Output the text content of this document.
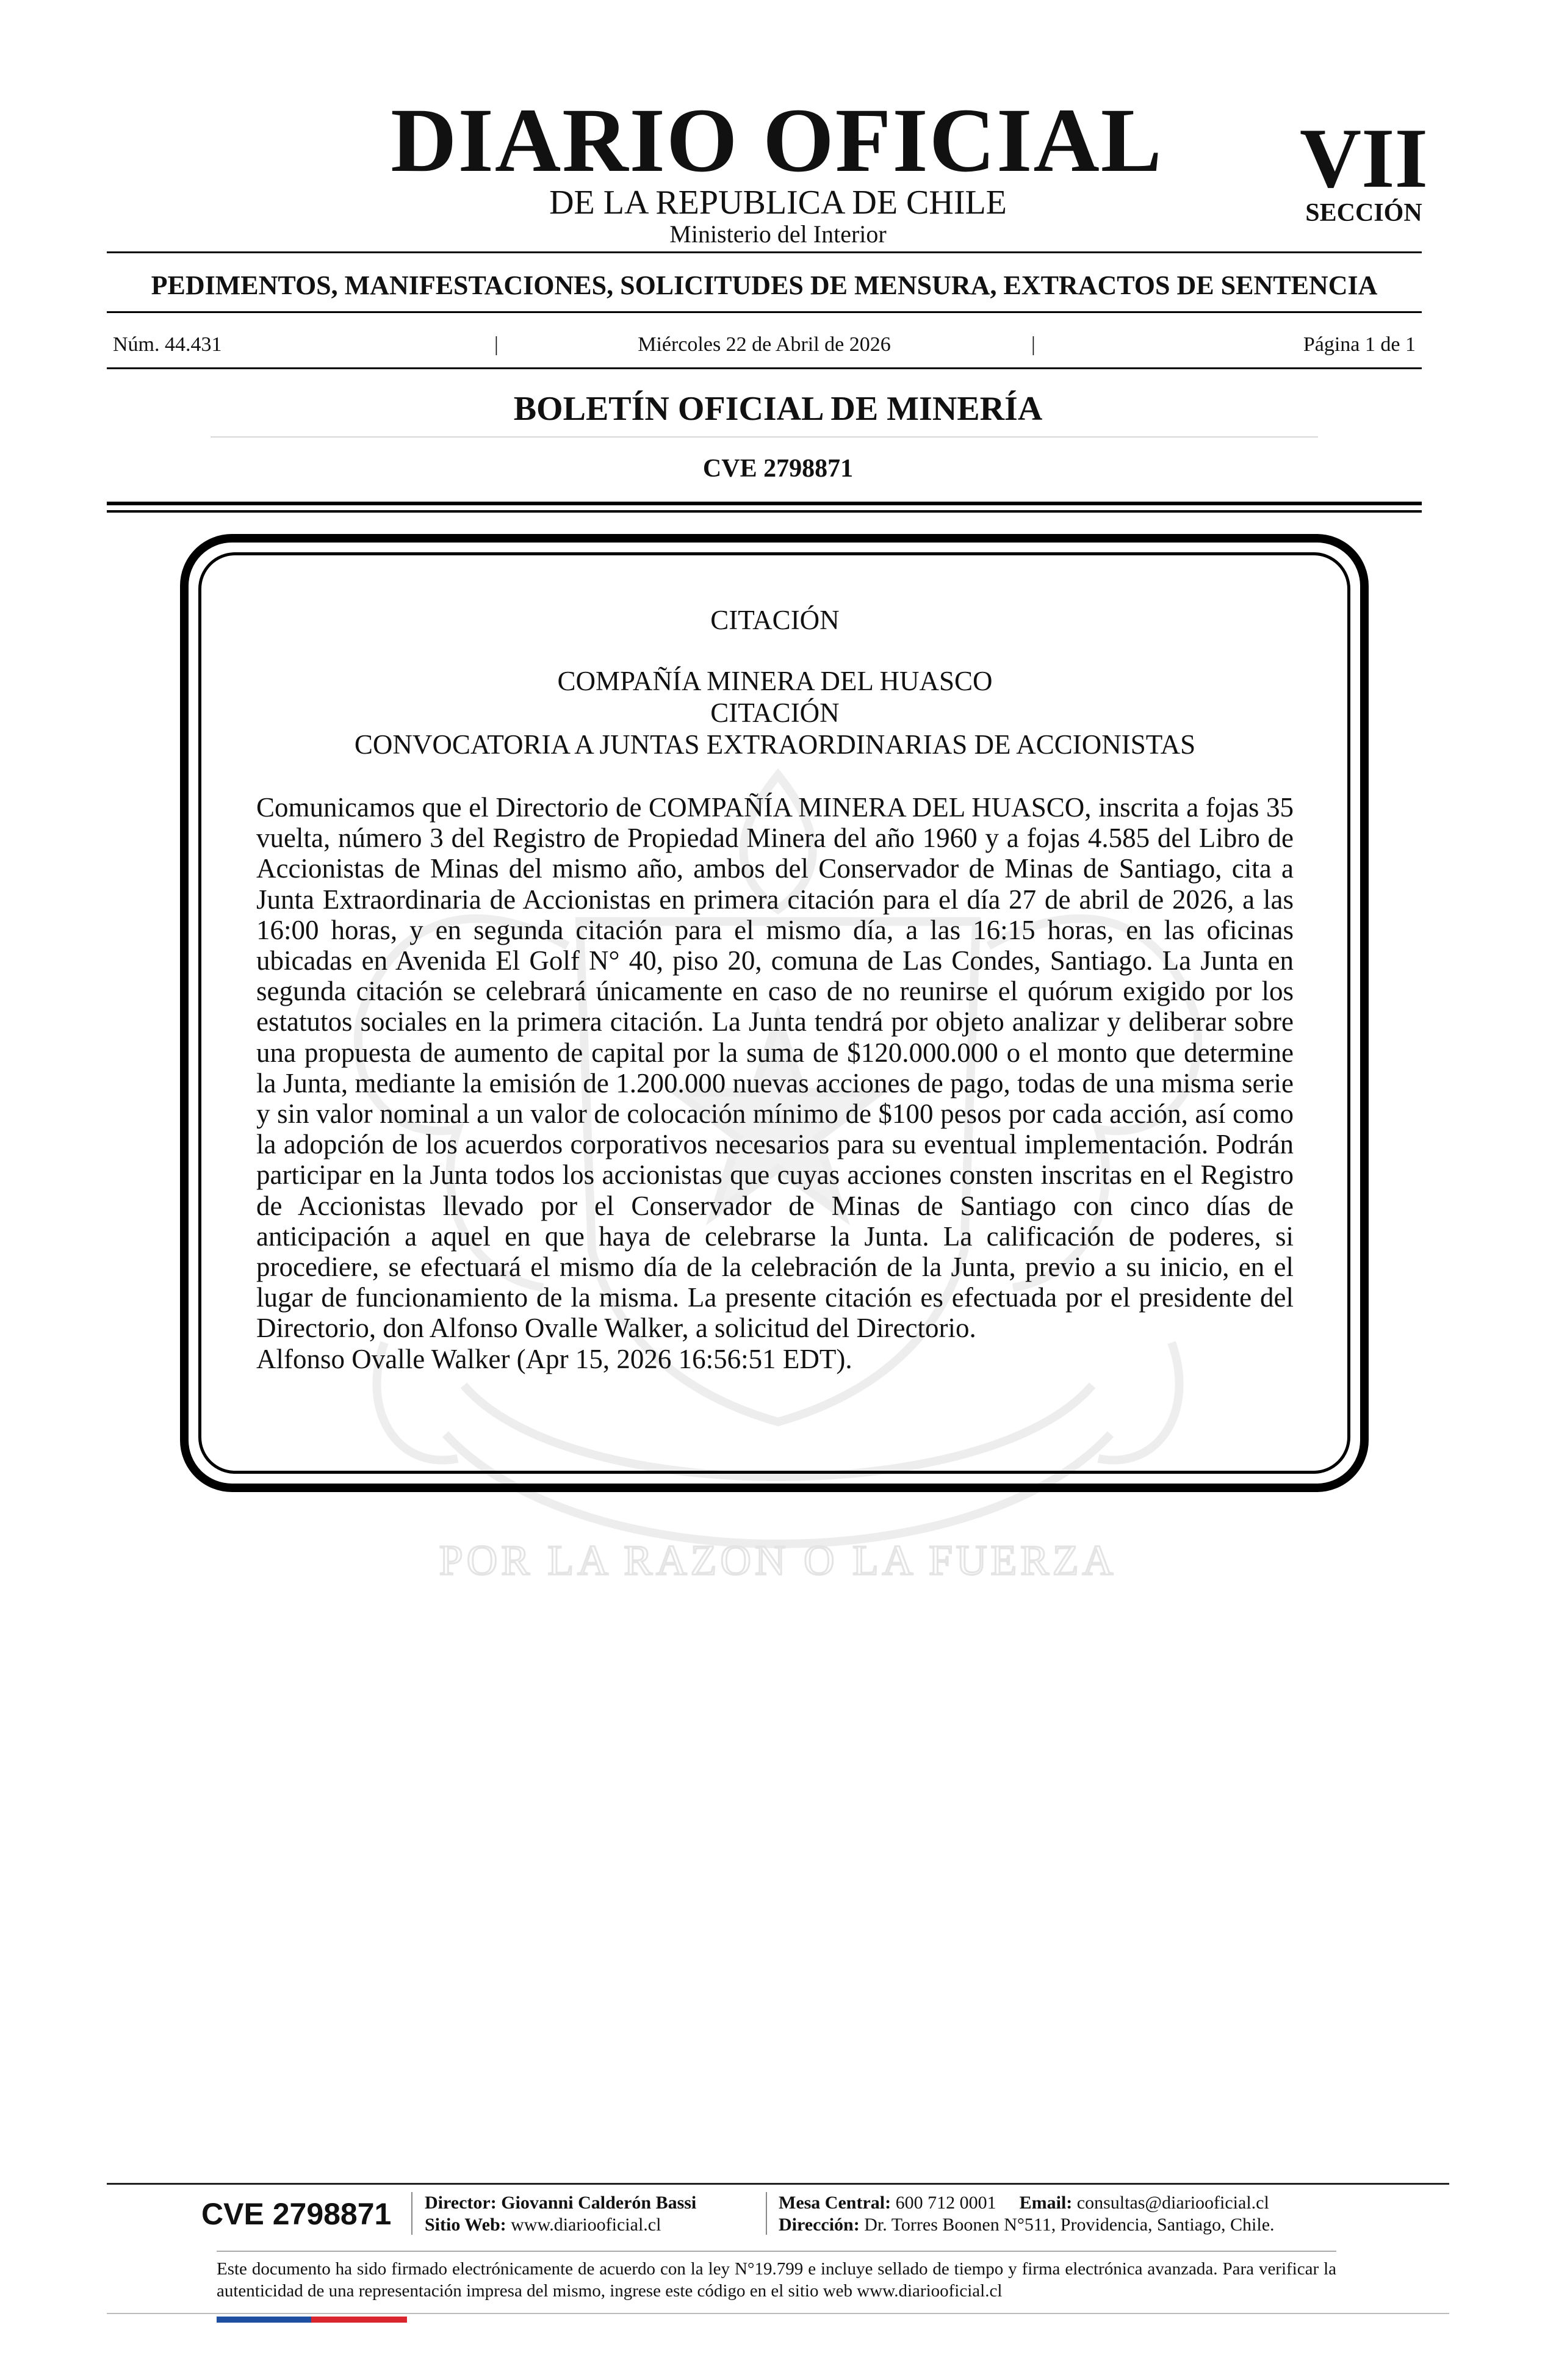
DIARIO OFICIAL
DE LA REPUBLICA DE CHILE
Ministerio del Interior
VII
SECCIÓN
PEDIMENTOS, MANIFESTACIONES, SOLICITUDES DE MENSURA, EXTRACTOS DE SENTENCIA
Núm. 44.431	|	Miércoles 22 de Abril de 2026	|	Página 1 de 1
BOLETÍN OFICIAL DE MINERÍA
CVE 2798871
POR LA RAZON O LA FUERZA
CITACIÓN
COMPAÑÍA MINERA DEL HUASCO
CITACIÓN
CONVOCATORIA A JUNTAS EXTRAORDINARIAS DE ACCIONISTAS
Comunicamos que el Directorio de COMPAÑÍA MINERA DEL HUASCO, inscrita a fojas 35 vuelta, número 3 del Registro de Propiedad Minera del año 1960 y a fojas 4.585 del Libro de Accionistas de Minas del mismo año, ambos del Conservador de Minas de Santiago, cita a Junta Extraordinaria de Accionistas en primera citación para el día 27 de abril de 2026, a las 16:00 horas, y en segunda citación para el mismo día, a las 16:15 horas, en las oficinas ubicadas en Avenida El Golf N° 40, piso 20, comuna de Las Condes, Santiago. La Junta en segunda citación se celebrará únicamente en caso de no reunirse el quórum exigido por los estatutos sociales en la primera citación. La Junta tendrá por objeto analizar y deliberar sobre una propuesta de aumento de capital por la suma de $120.000.000 o el monto que determine la Junta, mediante la emisión de 1.200.000 nuevas acciones de pago, todas de una misma serie y sin valor nominal a un valor de colocación mínimo de $100 pesos por cada acción, así como la adopción de los acuerdos corporativos necesarios para su eventual implementación. Podrán participar en la Junta todos los accionistas que cuyas acciones consten inscritas en el Registro de Accionistas llevado por el Conservador de Minas de Santiago con cinco días de anticipación a aquel en que haya de celebrarse la Junta. La calificación de poderes, si procediere, se efectuará el mismo día de la celebración de la Junta, previo a su inicio, en el lugar de funcionamiento de la misma. La presente citación es efectuada por el presidente del Directorio, don Alfonso Ovalle Walker, a solicitud del Directorio.
Alfonso Ovalle Walker (Apr 15, 2026 16:56:51 EDT).
CVE 2798871	Director: Giovanni Calderón Bassi
Sitio Web: www.diariooficial.cl
Mesa Central: 600 712 0001 Email: consultas@diariooficial.cl
Dirección: Dr. Torres Boonen N°511, Providencia, Santiago, Chile.
Este documento ha sido firmado electrónicamente de acuerdo con la ley N°19.799 e incluye sellado de tiempo y firma electrónica avanzada. Para verificar la autenticidad de una representación impresa del mismo, ingrese este código en el sitio web www.diariooficial.cl
